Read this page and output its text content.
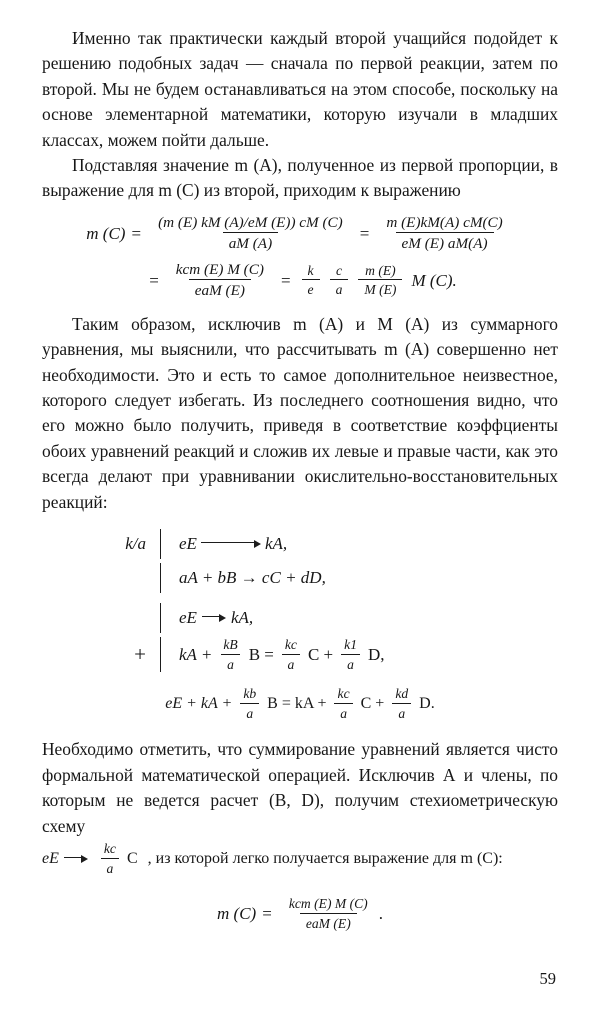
Именно так практически каждый второй учащийся подойдет к решению подобных задач — сначала по первой реакции, затем по второй. Мы не будем останавливаться на этом способе, поскольку на основе элементарной математики, которую изучали в младших классах, можем пойти дальше.

Подставляя значение m (А), полученное из первой пропорции, в выражение для m (С) из второй, приходим к выражению

m $(C) = \frac{(m (E) kM (A)/eM (E)) cM (C)}{aM (A)} = \frac{m (E)kM(A) cM(C)}{eM (E) aM(A)}$
= $\frac{\text{kcm (E) M (C)}}{\text{eaM (E)}} = \frac{k}{e} \frac{c}{a} \frac{m (E)}{M (E)}$ M (C).

Таким образом, исключив m (А) и M (А) из суммарного уравнения, мы выяснили, что рассчитывать m (А) совершенно нет необходимости. Это и есть то самое дополнительное неизвестное, которого следует избегать. Из последнего соотношения видно, что его можно было получить, приведя в соответствие коэффциенты обоих уравнений реакций и сложив их левые и правые части, как это всегда делают при уравнивании окислительно-восстановительных реакций:

k/a	eE	kA,
aA + bB → cC + dD,
eE kA,
+	kA + $\frac{kB}{a}$ $B = \frac{kc}{a}$ $C + \frac{k1}{a} D$,
eE + kA + $\frac{kb}{a}$ B = kA + $\frac{kc}{a}$ $C + \frac{kd}{a} D$.

Необходимо отметить, что суммирование уравнений является чисто формальной математической операцией. Исключив А и члены, по которым не ведется расчет (В, D), получим стехиометрическую схему

eE	$\frac{kc}{a}$ C , из которой легко получается выражение для m (С):
m $(C) = \frac{\text{kcm (E) M (C)}}{\text{eaM (E)}}$ .
59
